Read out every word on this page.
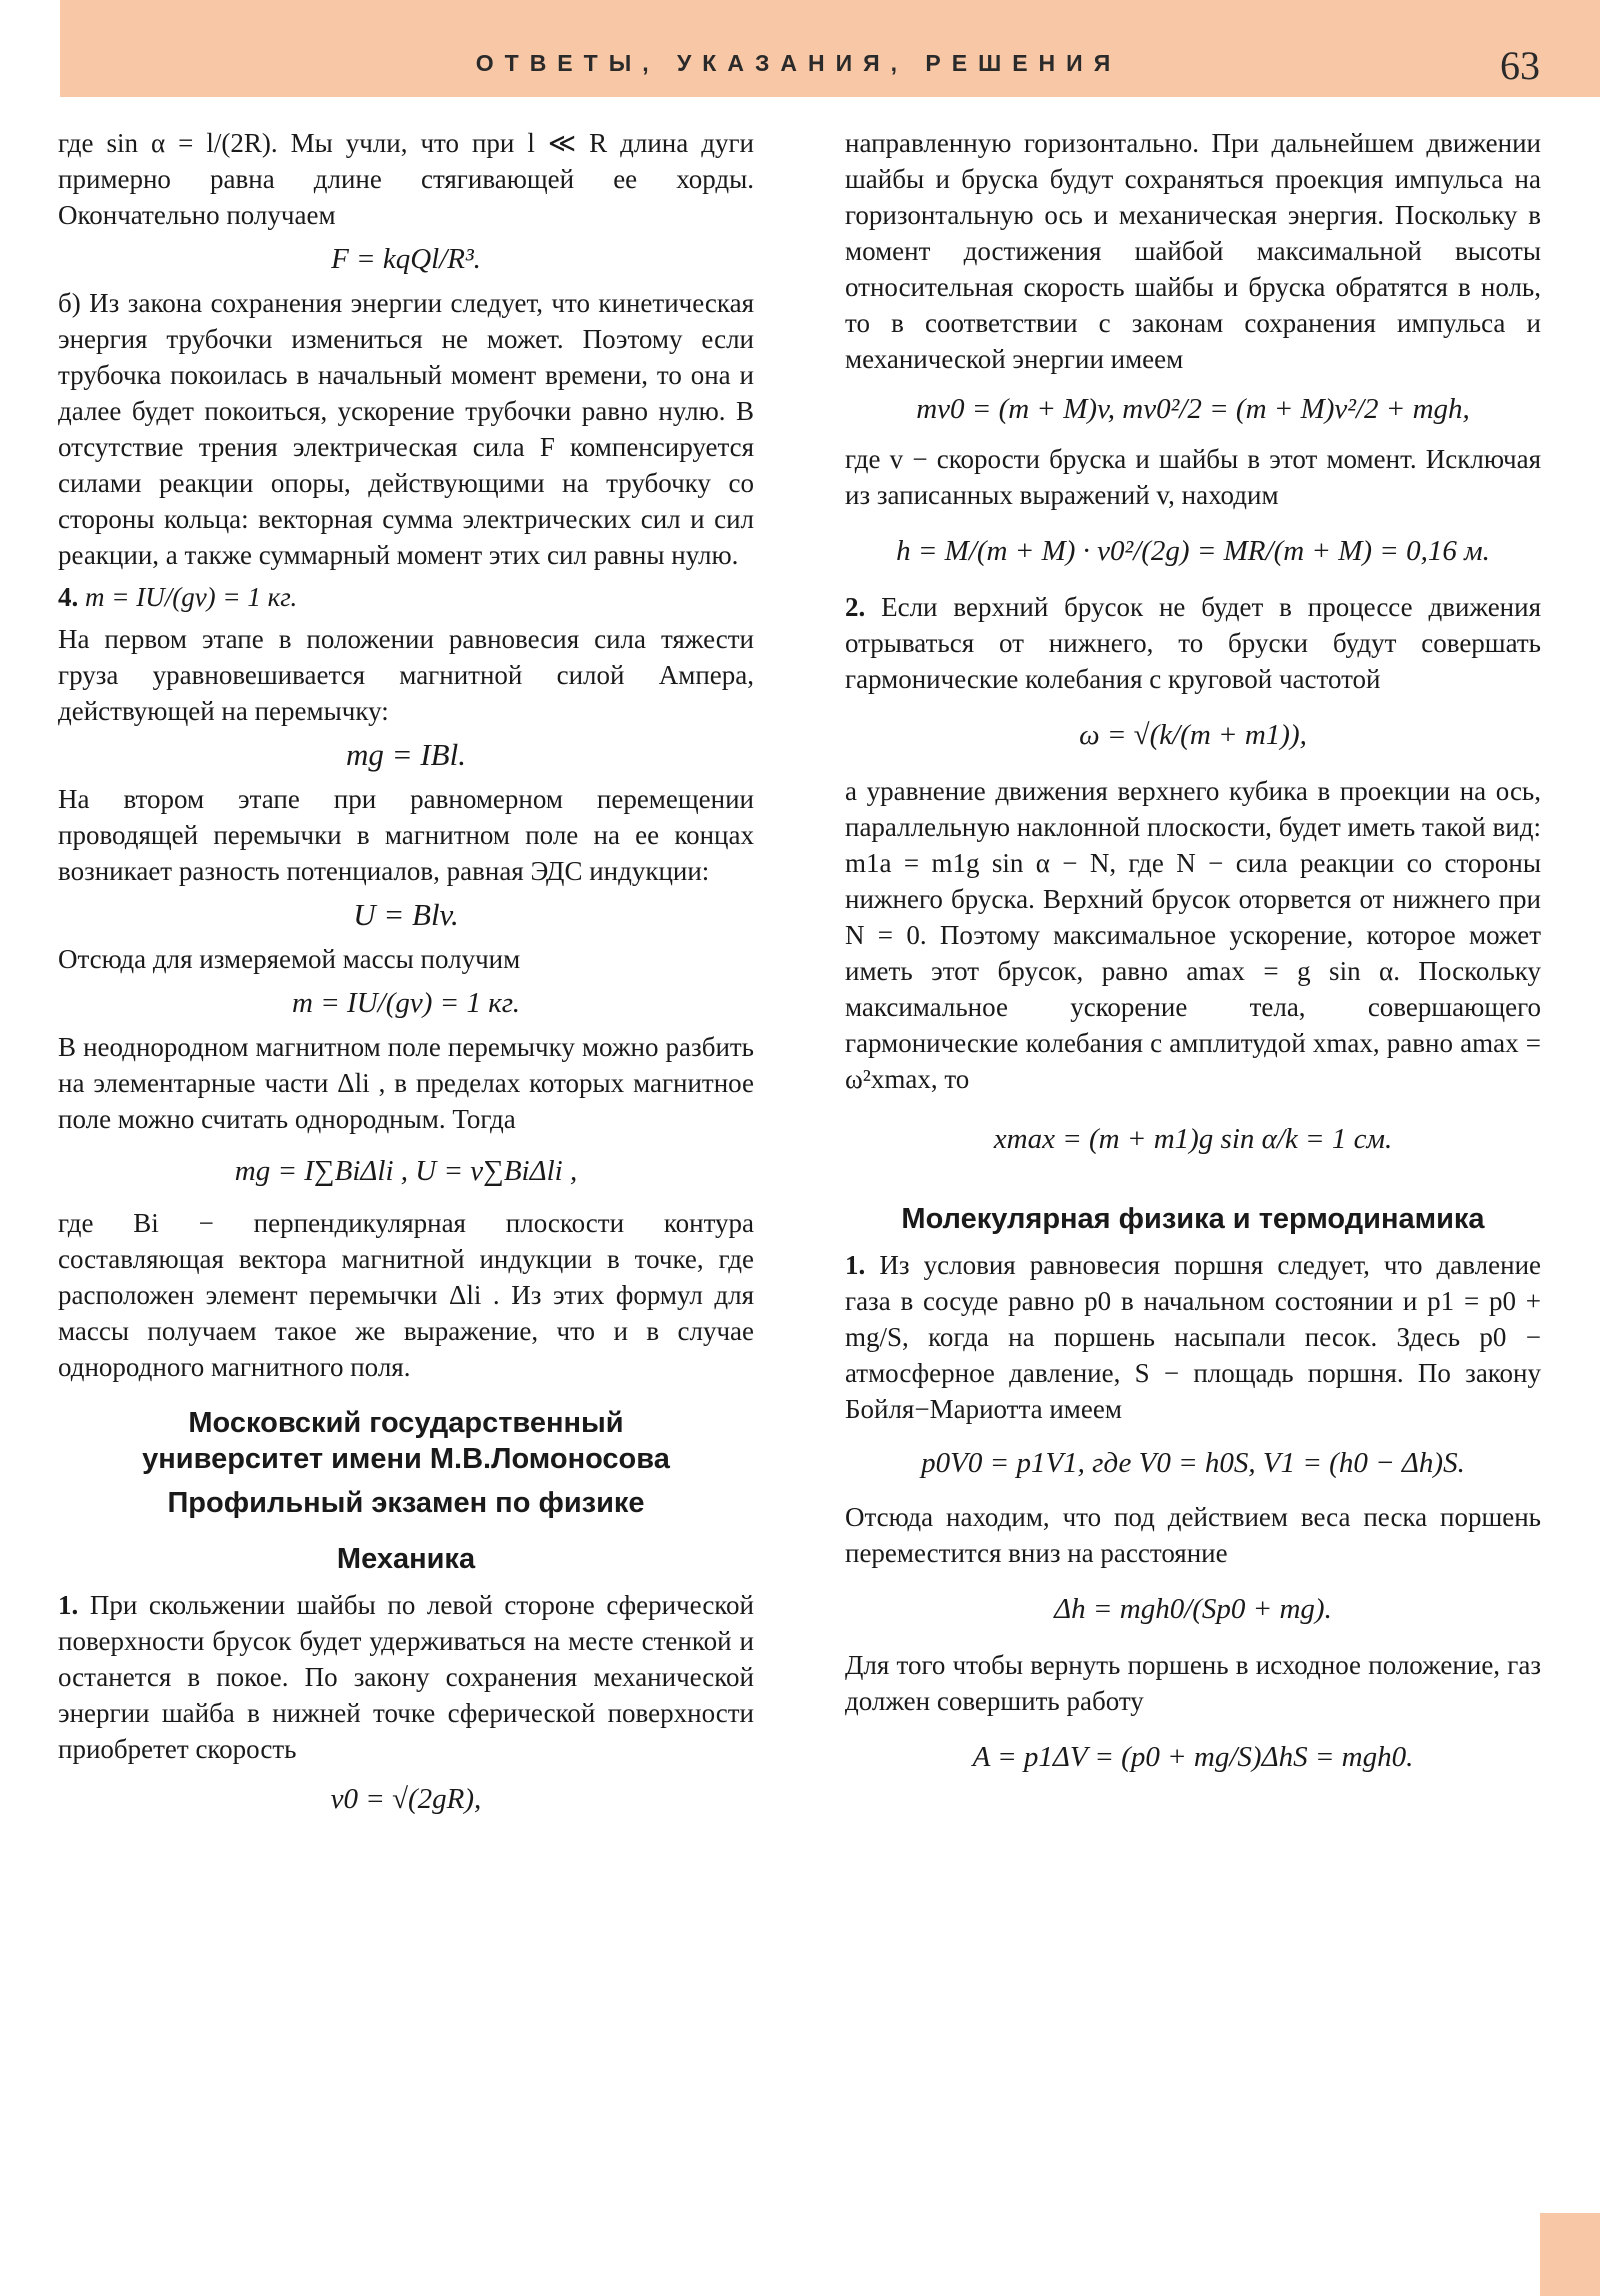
ОТВЕТЫ, УКАЗАНИЯ, РЕШЕНИЯ	63

где sin α = l/(2R). Мы учли, что при l ≪ R длина дуги примерно равна длине стягивающей ее хорды. Окончательно получаем

F = kqQl/R³.

б) Из закона сохранения энергии следует, что кинетическая энергия трубочки измениться не может. Поэтому если трубочка покоилась в начальный момент времени, то она и далее будет покоиться, ускорение трубочки равно нулю. В отсутствие трения электрическая сила F компенсируется силами реакции опоры, действующими на трубочку со стороны кольца: векторная сумма электрических сил и сил реакции, а также суммарный момент этих сил равны нулю.

4. m = IU/(gv) = 1 кг.

На первом этапе в положении равновесия сила тяжести груза уравновешивается магнитной силой Ампера, действующей на перемычку:

mg = IBl.

На втором этапе при равномерном перемещении проводящей перемычки в магнитном поле на ее концах возникает разность потенциалов, равная ЭДС индукции:

U = Blv.

Отсюда для измеряемой массы получим

m = IU/(gv) = 1 кг.

В неоднородном магнитном поле перемычку можно разбить на элементарные части Δli , в пределах которых магнитное поле можно считать однородным. Тогда

mg = I∑BiΔli , U = v∑BiΔli ,

где Bi − перпендикулярная плоскости контура составляющая вектора магнитной индукции в точке, где расположен элемент перемычки Δli . Из этих формул для массы получаем такое же выражение, что и в случае однородного магнитного поля.

Московский государственный
университет имени М.В.Ломоносова
Профильный экзамен по физике
Механика

1. При скольжении шайбы по левой стороне сферической поверхности брусок будет удерживаться на месте стенкой и останется в покое. По закону сохранения механической энергии шайба в нижней точке сферической поверхности приобретет скорость

v0 = √(2gR),

направленную горизонтально. При дальнейшем движении шайбы и бруска будут сохраняться проекция импульса на горизонтальную ось и механическая энергия. Поскольку в момент достижения шайбой максимальной высоты относительная скорость шайбы и бруска обратятся в ноль, то в соответствии с законам сохранения импульса и механической энергии имеем

mv0 = (m + M)v, mv0²/2 = (m + M)v²/2 + mgh,

где v − скорости бруска и шайбы в этот момент. Исключая из записанных выражений v, находим

h = M/(m + M) · v0²/(2g) = MR/(m + M) = 0,16 м.

2. Если верхний брусок не будет в процессе движения отрываться от нижнего, то бруски будут совершать гармонические колебания с круговой частотой

ω = √(k/(m + m1)),

а уравнение движения верхнего кубика в проекции на ось, параллельную наклонной плоскости, будет иметь такой вид: m1a = m1g sin α − N, где N − сила реакции со стороны нижнего бруска. Верхний брусок оторвется от нижнего при N = 0. Поэтому максимальное ускорение, которое может иметь этот брусок, равно amax = g sin α. Поскольку максимальное ускорение тела, совершающего гармонические колебания с амплитудой xmax, равно amax = ω²xmax, то

xmax = (m + m1)g sin α/k = 1 см.
Молекулярная физика и термодинамика

1. Из условия равновесия поршня следует, что давление газа в сосуде равно p0 в начальном состоянии и p1 = p0 + mg/S, когда на поршень насыпали песок. Здесь p0 − атмосферное давление, S − площадь поршня. По закону Бойля−Мариотта имеем

p0V0 = p1V1, где V0 = h0S, V1 = (h0 − Δh)S.

Отсюда находим, что под действием веса песка поршень переместится вниз на расстояние

Δh = mgh0/(Sp0 + mg).

Для того чтобы вернуть поршень в исходное положение, газ должен совершить работу

A = p1ΔV = (p0 + mg/S)ΔhS = mgh0.
